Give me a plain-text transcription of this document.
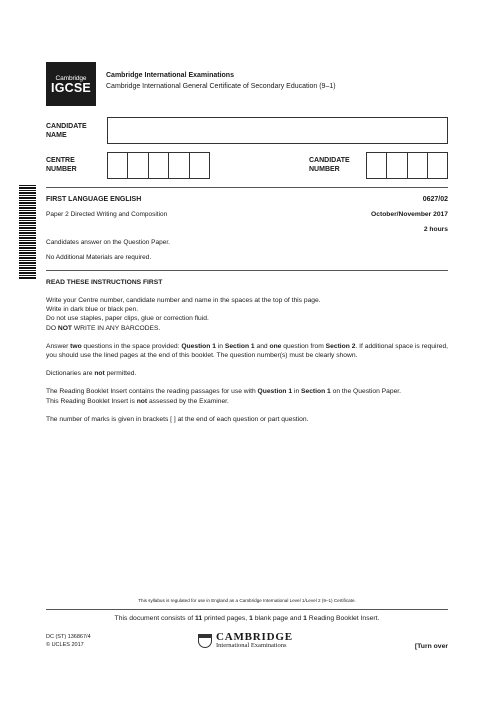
Cambridge
IGCSE
Cambridge International Examinations
Cambridge International General Certificate of Secondary Education (9–1)
CANDIDATE
NAME
CENTRE
NUMBER
CANDIDATE
NUMBER
FIRST LANGUAGE ENGLISH	0627/02
Paper 2 Directed Writing and Composition	October/November 2017
2 hours
Candidates answer on the Question Paper.
No Additional Materials are required.
READ THESE INSTRUCTIONS FIRST

Write your Centre number, candidate number and name in the spaces at the top of this page.
Write in dark blue or black pen.
Do not use staples, paper clips, glue or correction fluid.
DO NOT WRITE IN ANY BARCODES.

Answer two questions in the space provided: Question 1 in Section 1 and one question from Section 2. If additional space is required, you should use the lined pages at the end of this booklet. The question number(s) must be clearly shown.

Dictionaries are not permitted.

The Reading Booklet Insert contains the reading passages for use with Question 1 in Section 1 on the Question Paper.
This Reading Booklet Insert is not assessed by the Examiner.

The number of marks is given in brackets [ ] at the end of each question or part question.

This syllabus is regulated for use in England as a Cambridge International Level 1/Level 2 (9–1) Certificate.
This document consists of 11 printed pages, 1 blank page and 1 Reading Booklet Insert.
DC (ST) 136867/4
© UCLES 2017
CAMBRIDGE
International Examinations	[Turn over
